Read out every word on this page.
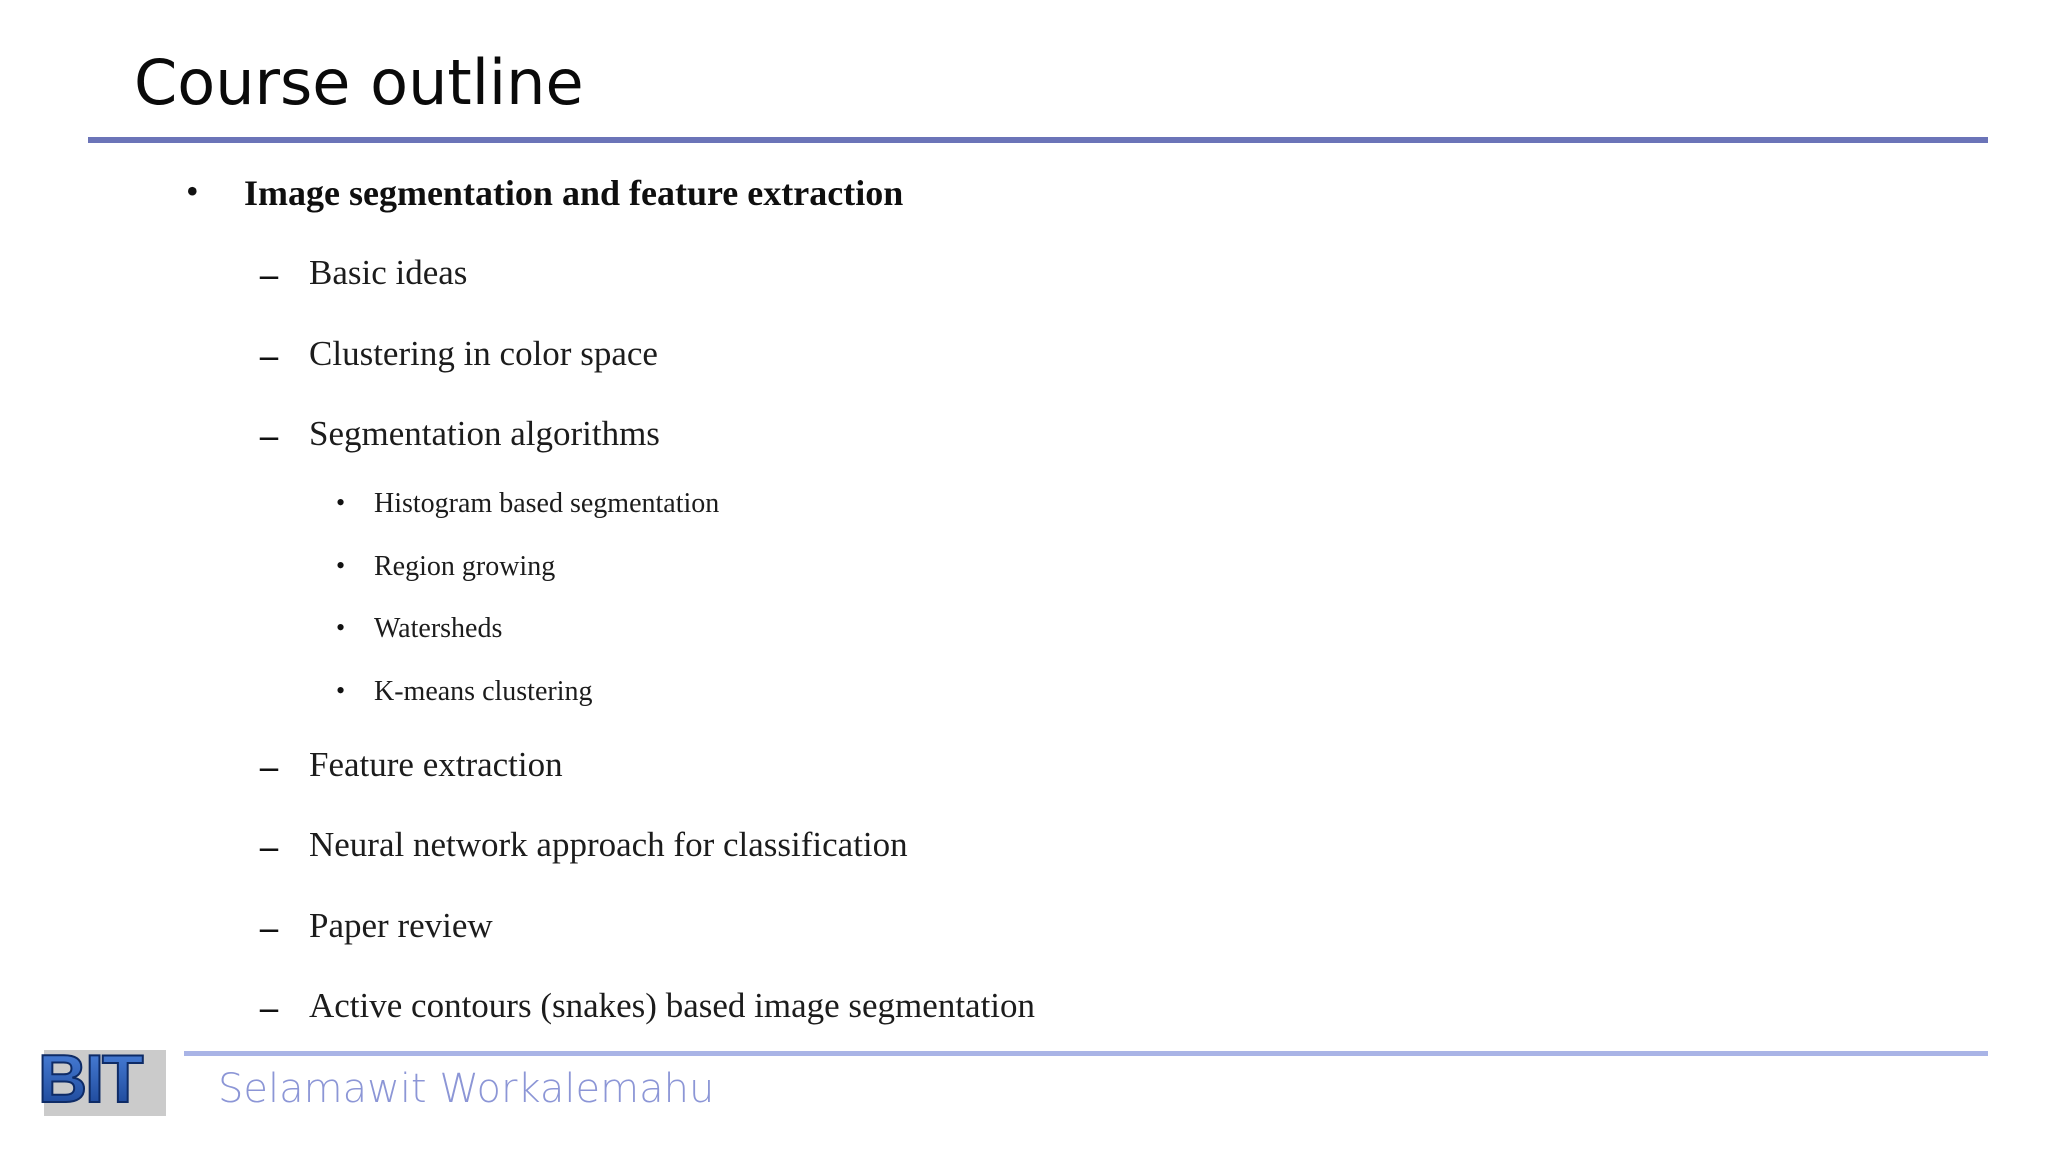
Course outline
• Image segmentation and feature extraction
– Basic ideas
– Clustering in color space
– Segmentation algorithms
• Histogram based segmentation
• Region growing
• Watersheds
• K-means clustering
– Feature extraction
– Neural network approach for classification
– Paper review
– Active contours (snakes) based image segmentation
BIT Selamawit Workalemahu
